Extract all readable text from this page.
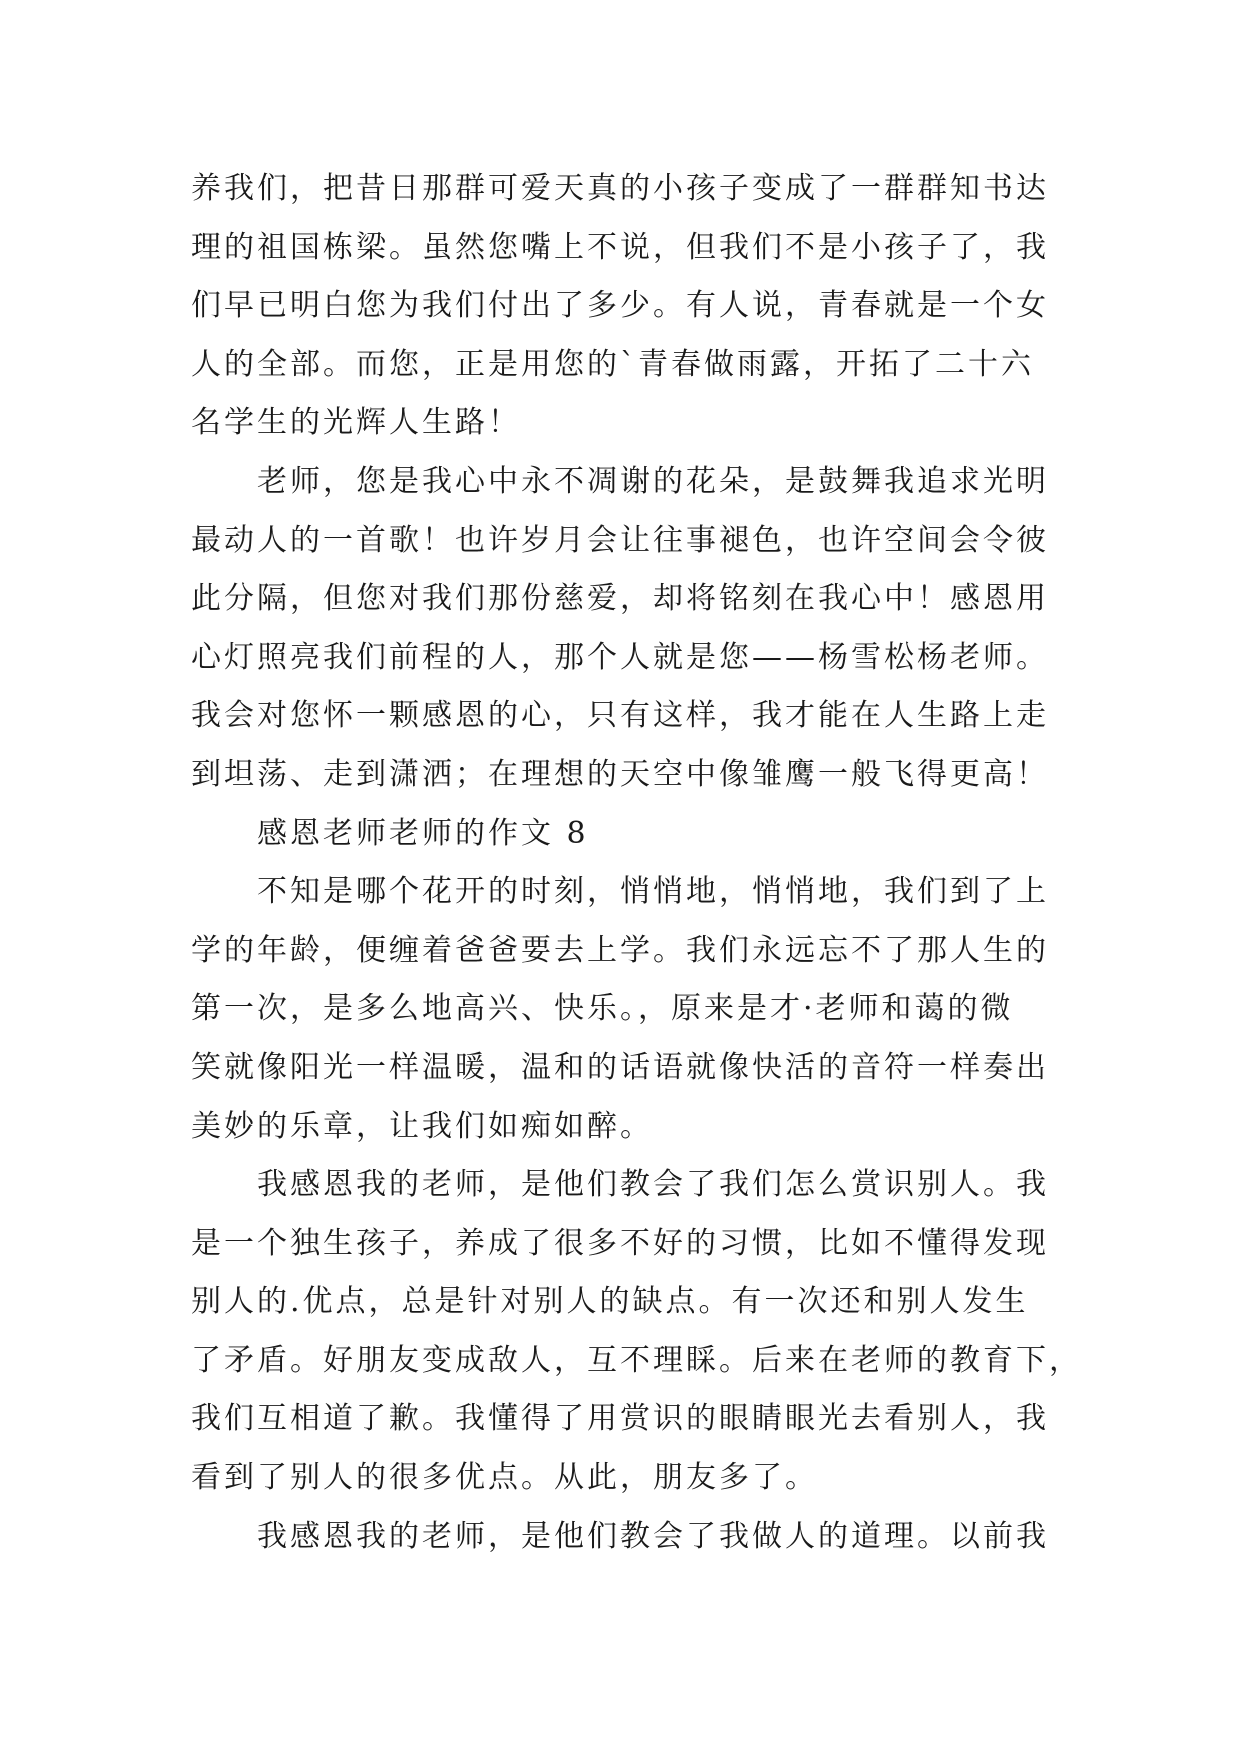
养我们，把昔日那群可爱天真的小孩子变成了一群群知书达
理的祖国栋梁。虽然您嘴上不说，但我们不是小孩子了，我
们早已明白您为我们付出了多少。有人说，青春就是一个女
人的全部。而您，正是用您的`青春做雨露，开拓了二十六
名学生的光辉人生路！
老师，您是我心中永不凋谢的花朵，是鼓舞我追求光明
最动人的一首歌！也许岁月会让往事褪色，也许空间会令彼
此分隔，但您对我们那份慈爱，却将铭刻在我心中！感恩用
心灯照亮我们前程的人，那个人就是您——杨雪松杨老师。
我会对您怀一颗感恩的心，只有这样，我才能在人生路上走
到坦荡、走到潇洒；在理想的天空中像雏鹰一般飞得更高！
感恩老师老师的作文 8
不知是哪个花开的时刻，悄悄地，悄悄地，我们到了上
学的年龄，便缠着爸爸要去上学。我们永远忘不了那人生的
第一次，是多么地高兴、快乐。，原来是才·老师和蔼的微
笑就像阳光一样温暖，温和的话语就像快活的音符一样奏出
美妙的乐章，让我们如痴如醉。
我感恩我的老师，是他们教会了我们怎么赏识别人。我
是一个独生孩子，养成了很多不好的习惯，比如不懂得发现
别人的.优点，总是针对别人的缺点。有一次还和别人发生
了矛盾。好朋友变成敌人，互不理睬。后来在老师的教育下，
我们互相道了歉。我懂得了用赏识的眼睛眼光去看别人，我
看到了别人的很多优点。从此，朋友多了。
我感恩我的老师，是他们教会了我做人的道理。以前我
